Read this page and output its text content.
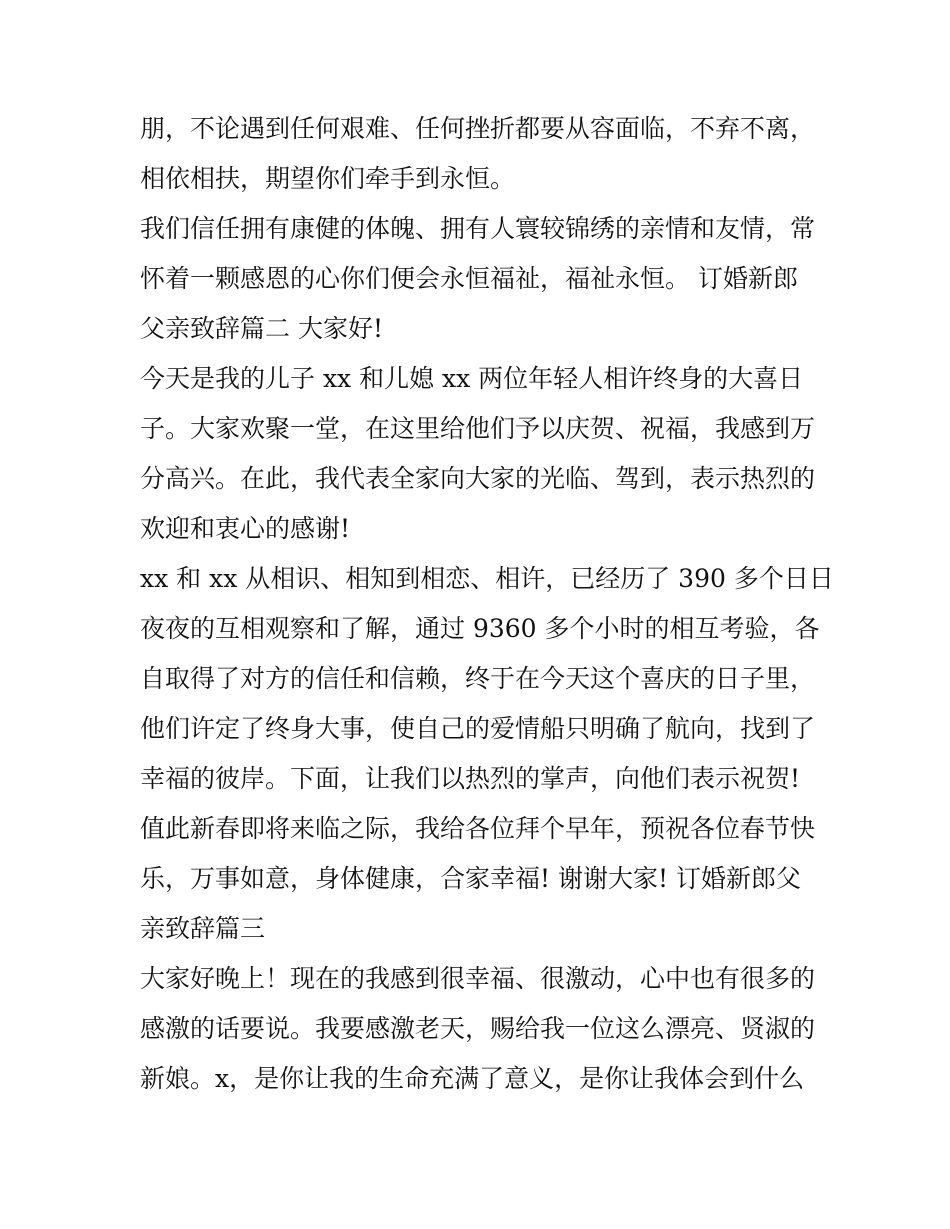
朋，不论遇到任何艰难、任何挫折都要从容面临，不弃不离，
相依相扶，期望你们牵手到永恒。
我们信任拥有康健的体魄、拥有人寰较锦绣的亲情和友情，常
怀着一颗感恩的心你们便会永恒福祉，福祉永恒。 订婚新郎
父亲致辞篇二 大家好!
今天是我的儿子 xx 和儿媳 xx 两位年轻人相许终身的大喜日
子。大家欢聚一堂，在这里给他们予以庆贺、祝福，我感到万
分高兴。在此，我代表全家向大家的光临、驾到，表示热烈的
欢迎和衷心的感谢!
xx 和 xx 从相识、相知到相恋、相许，已经历了 390 多个日日
夜夜的互相观察和了解，通过 9360 多个小时的相互考验，各
自取得了对方的信任和信赖，终于在今天这个喜庆的日子里，
他们许定了终身大事，使自己的爱情船只明确了航向，找到了
幸福的彼岸。下面，让我们以热烈的掌声，向他们表示祝贺!
值此新春即将来临之际，我给各位拜个早年，预祝各位春节快
乐，万事如意，身体健康，合家幸福! 谢谢大家! 订婚新郎父
亲致辞篇三
大家好晚上！现在的我感到很幸福、很激动，心中也有很多的
感激的话要说。我要感激老天，赐给我一位这么漂亮、贤淑的
新娘。x，是你让我的生命充满了意义，是你让我体会到什么
